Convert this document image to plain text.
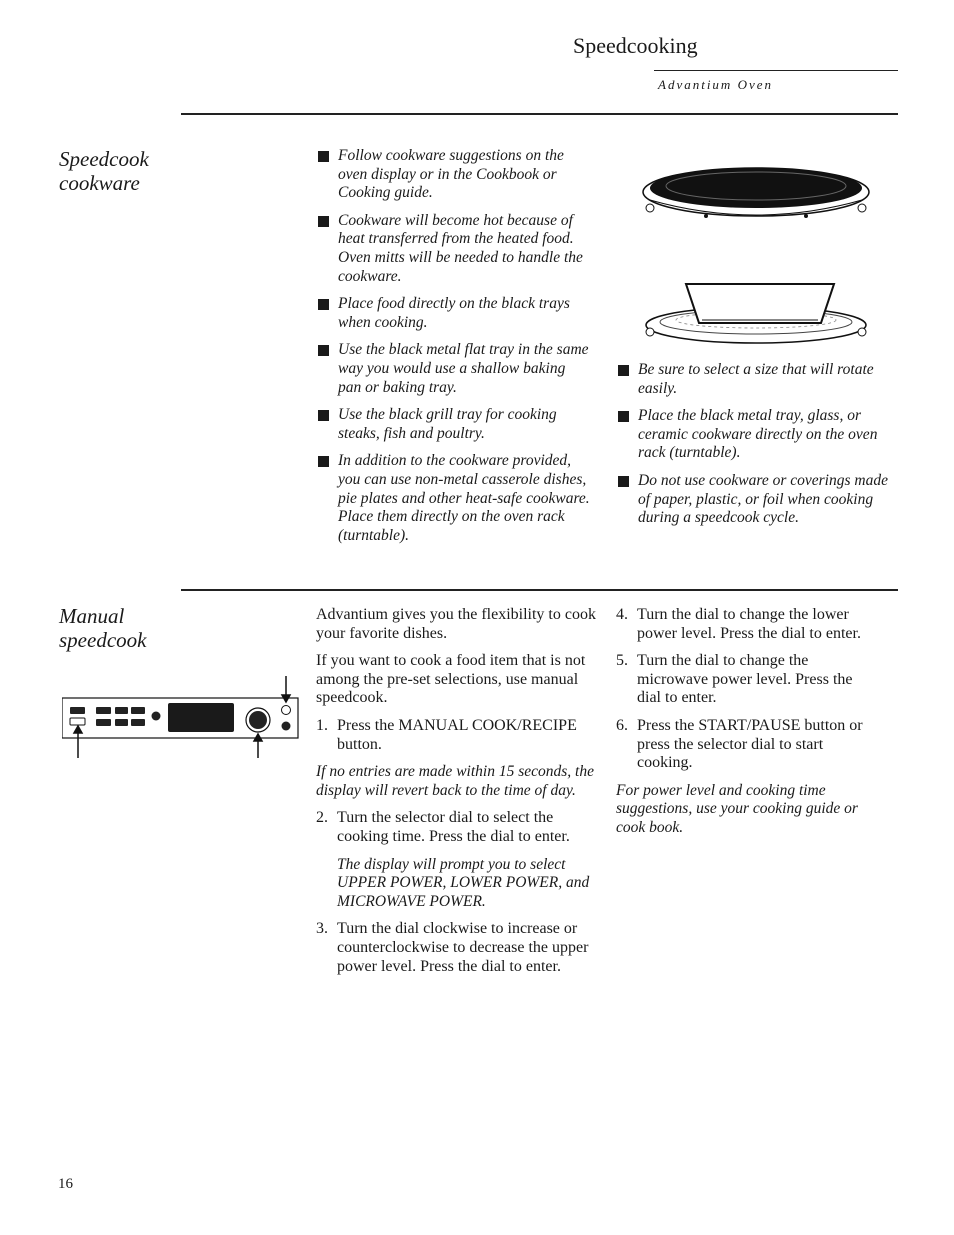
Speedcooking
Advantium Oven
Speedcook
cookware
Follow cookware suggestions on the oven display or in the Cookbook or Cooking guide.
Cookware will become hot because of heat transferred from the heated food. Oven mitts will be needed to handle the cookware.
Place food directly on the black trays when cooking.
Use the black metal flat tray in the same way you would use a shallow baking pan or baking tray.
Use the black grill tray for cooking steaks, fish and poultry.
In addition to the cookware provided, you can use non-metal casserole dishes, pie plates and other heat-safe cookware. Place them directly on the oven rack (turntable).
Be sure to select a size that will rotate easily.
Place the black metal tray, glass, or ceramic cookware directly on the oven rack (turntable).
Do not use cookware or coverings made of paper, plastic, or foil when cooking during a speedcook cycle.
Manual
speedcook
Advantium gives you the flexibility to cook your favorite dishes.
If you want to cook a food item that is not among the pre-set selections, use manual speedcook.
1. Press the MANUAL COOK/RECIPE button.
If no entries are made within 15 seconds, the display will revert back to the time of day.
2. Turn the selector dial to select the cooking time. Press the dial to enter.
The display will prompt you to select UPPER POWER, LOWER POWER, and MICROWAVE POWER.
3. Turn the dial clockwise to increase or counterclockwise to decrease the upper power level. Press the dial to enter.
4. Turn the dial to change the lower power level. Press the dial to enter.
5. Turn the dial to change the microwave power level. Press the dial to enter.
6. Press the START/PAUSE button or press the selector dial to start cooking.
For power level and cooking time suggestions, use your cooking guide or cook book.
16
